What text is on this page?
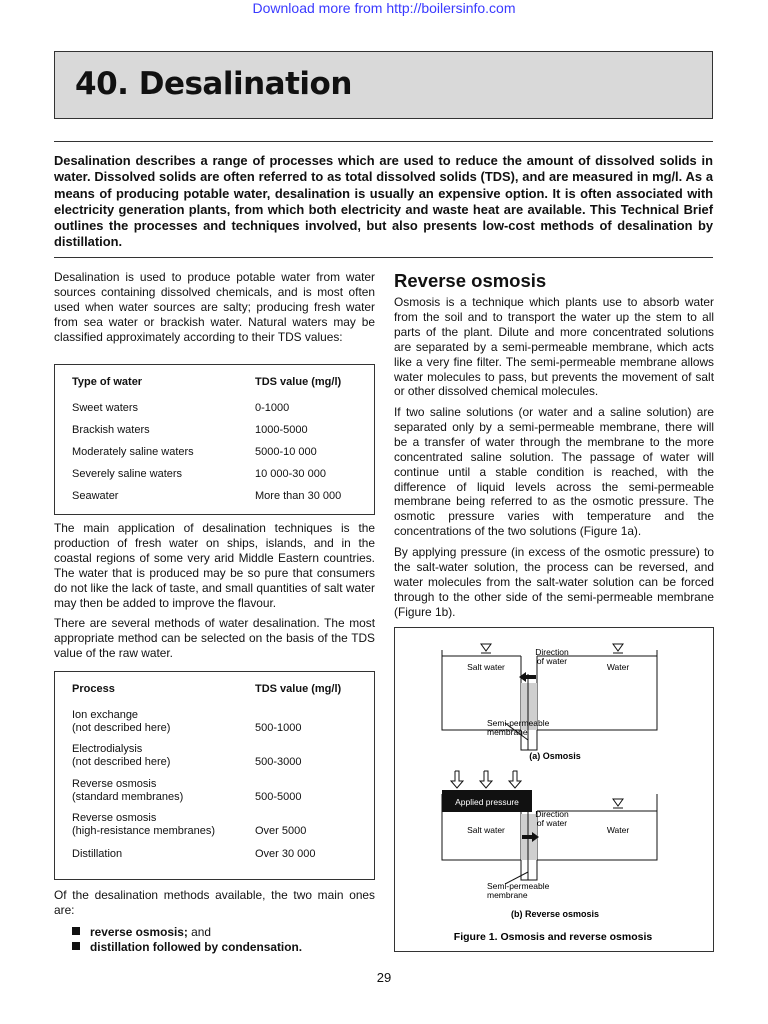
Download more from http://boilersinfo.com
40. Desalination

Desalination describes a range of processes which are used to reduce the amount of dissolved solids in water. Dissolved solids are often referred to as total dissolved solids (TDS), and are measured in mg/l. As a means of producing potable water, desalination is usually an expensive option. It is often associated with electricity generation plants, from which both electricity and waste heat are available. This Technical Brief outlines the processes and techniques involved, but also presents low-cost methods of desalination by distillation.

Desalination is used to produce potable water from water sources containing dissolved chemicals, and is most often used when water sources are salty; producing fresh water from sea water or brackish water. Natural waters may be classified approximately according to their TDS values:

Type of water	TDS value (mg/l)
Sweet waters	0-1000
Brackish waters	1000-5000
Moderately saline waters	5000-10 000
Severely saline waters	10 000-30 000
Seawater	More than 30 000

The main application of desalination techniques is the production of fresh water on ships, islands, and in the coastal regions of some very arid Middle Eastern countries. The water that is produced may be so pure that consumers do not like the lack of taste, and small quantities of salt water may then be added to improve the flavour.

There are several methods of water desalination. The most appropriate method can be selected on the basis of the TDS value of the raw water.

Process	TDS value (mg/l)
Ion exchange
(not described here)	500-1000
Electrodialysis
(not described here)	500-3000
Reverse osmosis
(standard membranes)	500-5000
Reverse osmosis
(high-resistance membranes)	Over 5000
Distillation	Over 30 000

Of the desalination methods available, the two main ones are:

reverse osmosis; and
distillation followed by condensation.
Reverse osmosis

Osmosis is a technique which plants use to absorb water from the soil and to transport the water up the stem to all parts of the plant. Dilute and more concentrated solutions are separated by a semi-permeable membrane, which acts like a very fine filter. The semi-permeable membrane allows water molecules to pass, but prevents the movement of salt or other dissolved chemical molecules.

If two saline solutions (or water and a saline solution) are separated only by a semi-permeable membrane, there will be a transfer of water through the membrane to the more concentrated saline solution. The passage of water will continue until a stable condition is reached, with the difference of liquid levels across the semi-permeable membrane being referred to as the osmotic pressure. The osmotic pressure varies with temperature and the concentrations of the two solutions (Figure 1a).

By applying pressure (in excess of the osmotic pressure) to the salt-water solution, the process can be reversed, and water molecules from the salt-water solution can be forced through to the other side of the semi-permeable membrane (Figure 1b).

Applied pressure
Salt water	Water
Direction
of water
Semi-permeable
membrane
(a) Osmosis
Salt water	Water
Direction
of water
Semi-permeable
membrane
(b) Reverse osmosis
Figure 1. Osmosis and reverse osmosis
29
